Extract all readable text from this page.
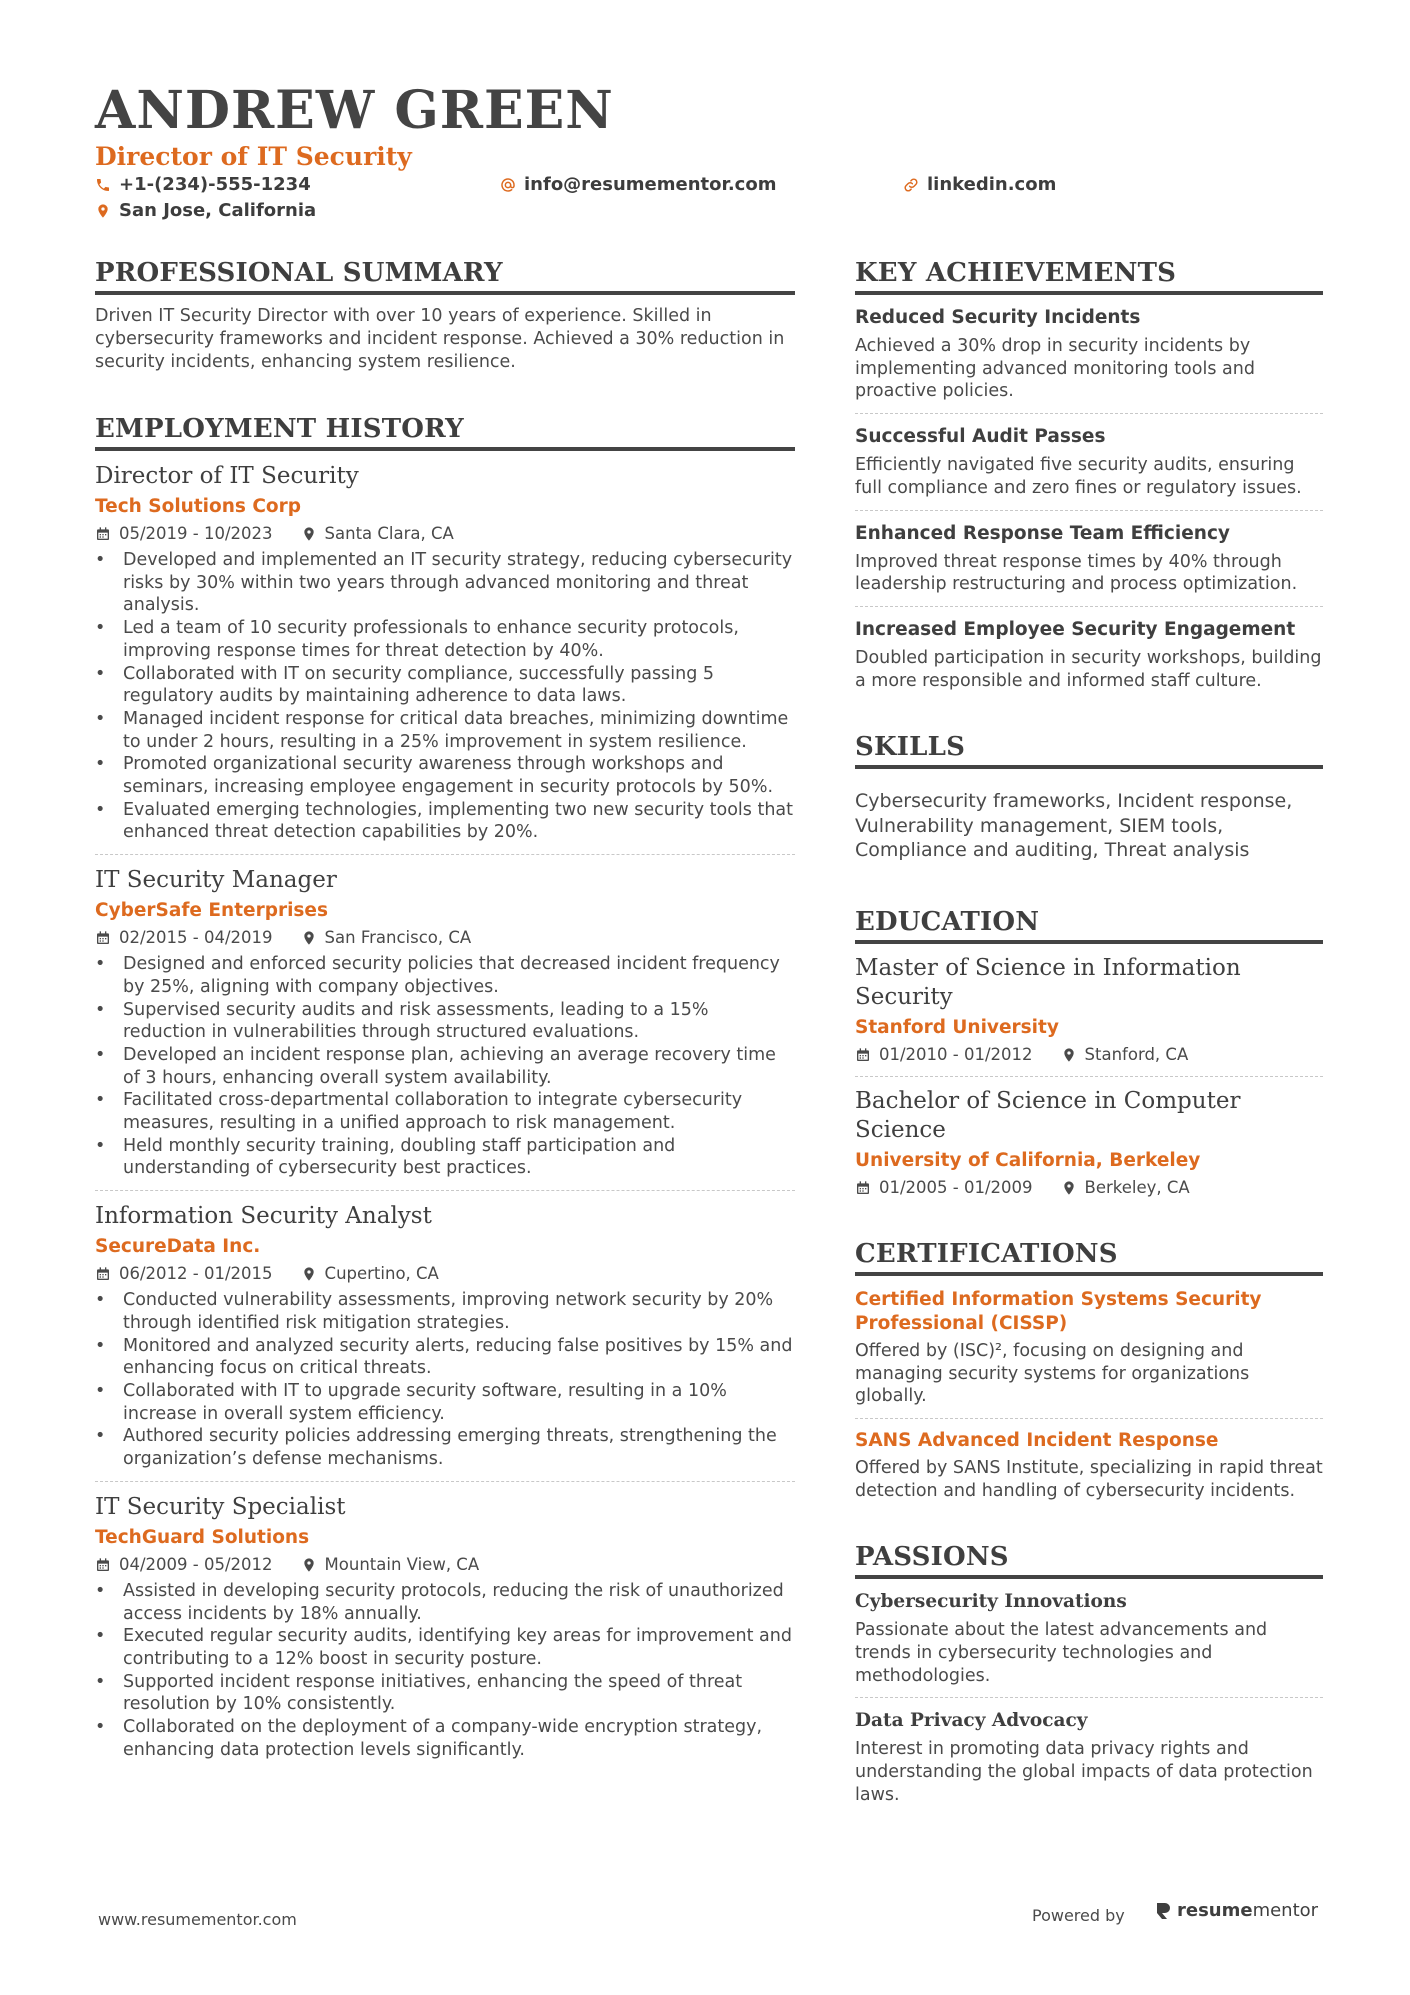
ANDREW GREEN
Director of IT Security
+1-(234)-555-1234	info@resumementor.com	linkedin.com
San Jose, California
PROFESSIONAL SUMMARY

Driven IT Security Director with over 10 years of experience. Skilled in cybersecurity frameworks and incident response. Achieved a 30% reduction in security incidents, enhancing system resilience.

EMPLOYMENT HISTORY
Director of IT Security
Tech Solutions Corp
05/2019 - 10/2023	Santa Clara, CA
• Developed and implemented an IT security strategy, reducing cybersecurity risks by 30% within two years through advanced monitoring and threat analysis.
• Led a team of 10 security professionals to enhance security protocols, improving response times for threat detection by 40%.
• Collaborated with IT on security compliance, successfully passing 5 regulatory audits by maintaining adherence to data laws.
• Managed incident response for critical data breaches, minimizing downtime to under 2 hours, resulting in a 25% improvement in system resilience.
• Promoted organizational security awareness through workshops and seminars, increasing employee engagement in security protocols by 50%.
• Evaluated emerging technologies, implementing two new security tools that enhanced threat detection capabilities by 20%.
IT Security Manager
CyberSafe Enterprises
02/2015 - 04/2019	San Francisco, CA
• Designed and enforced security policies that decreased incident frequency by 25%, aligning with company objectives.
• Supervised security audits and risk assessments, leading to a 15% reduction in vulnerabilities through structured evaluations.
• Developed an incident response plan, achieving an average recovery time of 3 hours, enhancing overall system availability.
• Facilitated cross-departmental collaboration to integrate cybersecurity measures, resulting in a unified approach to risk management.
• Held monthly security training, doubling staff participation and understanding of cybersecurity best practices.
Information Security Analyst
SecureData Inc.
06/2012 - 01/2015	Cupertino, CA
• Conducted vulnerability assessments, improving network security by 20% through identified risk mitigation strategies.
• Monitored and analyzed security alerts, reducing false positives by 15% and enhancing focus on critical threats.
• Collaborated with IT to upgrade security software, resulting in a 10% increase in overall system efficiency.
• Authored security policies addressing emerging threats, strengthening the organization’s defense mechanisms.
IT Security Specialist
TechGuard Solutions
04/2009 - 05/2012	Mountain View, CA
• Assisted in developing security protocols, reducing the risk of unauthorized access incidents by 18% annually.
• Executed regular security audits, identifying key areas for improvement and contributing to a 12% boost in security posture.
• Supported incident response initiatives, enhancing the speed of threat resolution by 10% consistently.
• Collaborated on the deployment of a company-wide encryption strategy, enhancing data protection levels significantly.
KEY ACHIEVEMENTS
Reduced Security Incidents
Achieved a 30% drop in security incidents by implementing advanced monitoring tools and proactive policies.
Successful Audit Passes
Efficiently navigated five security audits, ensuring full compliance and zero fines or regulatory issues.
Enhanced Response Team Efficiency
Improved threat response times by 40% through leadership restructuring and process optimization.
Increased Employee Security Engagement
Doubled participation in security workshops, building a more responsible and informed staff culture.
SKILLS

Cybersecurity frameworks, Incident response, Vulnerability management, SIEM tools, Compliance and auditing, Threat analysis

EDUCATION
Master of Science in Information Security
Stanford University
01/2010 - 01/2012	Stanford, CA
Bachelor of Science in Computer Science
University of California, Berkeley
01/2005 - 01/2009	Berkeley, CA
CERTIFICATIONS
Certified Information Systems Security Professional (CISSP)
Offered by (ISC)², focusing on designing and managing security systems for organizations globally.
SANS Advanced Incident Response
Offered by SANS Institute, specializing in rapid threat detection and handling of cybersecurity incidents.
PASSIONS
Cybersecurity Innovations
Passionate about the latest advancements and trends in cybersecurity technologies and methodologies.
Data Privacy Advocacy
Interest in promoting data privacy rights and understanding the global impacts of data protection laws.
www.resumementor.com	Powered by	resumementor
